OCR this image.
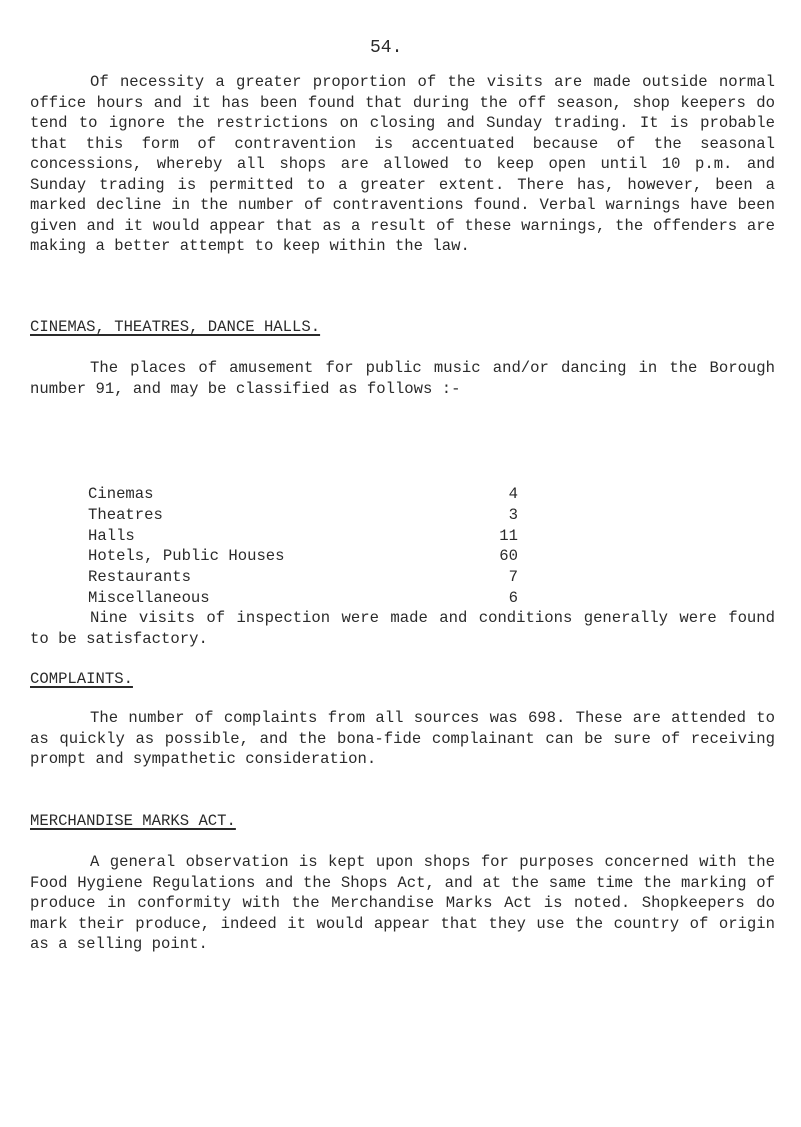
54.

Of necessity a greater proportion of the visits are made outside normal office hours and it has been found that during the off season, shop keepers do tend to ignore the restrictions on closing and Sunday trading. It is probable that this form of contravention is accentuated because of the seasonal concessions, whereby all shops are allowed to keep open until 10 p.m. and Sunday trading is permitted to a greater extent. There has, however, been a marked decline in the number of contraventions found. Verbal warnings have been given and it would appear that as a result of these warnings, the offenders are making a better attempt to keep within the law.

CINEMAS, THEATRES, DANCE HALLS.

The places of amusement for public music and/or dancing in the Borough number 91, and may be classified as follows :-

Cinemas	4
Theatres	3
Halls	11
Hotels, Public Houses	60
Restaurants	7
Miscellaneous	6

Nine visits of inspection were made and conditions generally were found to be satisfactory.

COMPLAINTS.

The number of complaints from all sources was 698. These are attended to as quickly as possible, and the bona-fide complainant can be sure of receiving prompt and sympathetic consideration.

MERCHANDISE MARKS ACT.

A general observation is kept upon shops for purposes concerned with the Food Hygiene Regulations and the Shops Act, and at the same time the marking of produce in conformity with the Merchandise Marks Act is noted. Shopkeepers do mark their produce, indeed it would appear that they use the country of origin as a selling point.
